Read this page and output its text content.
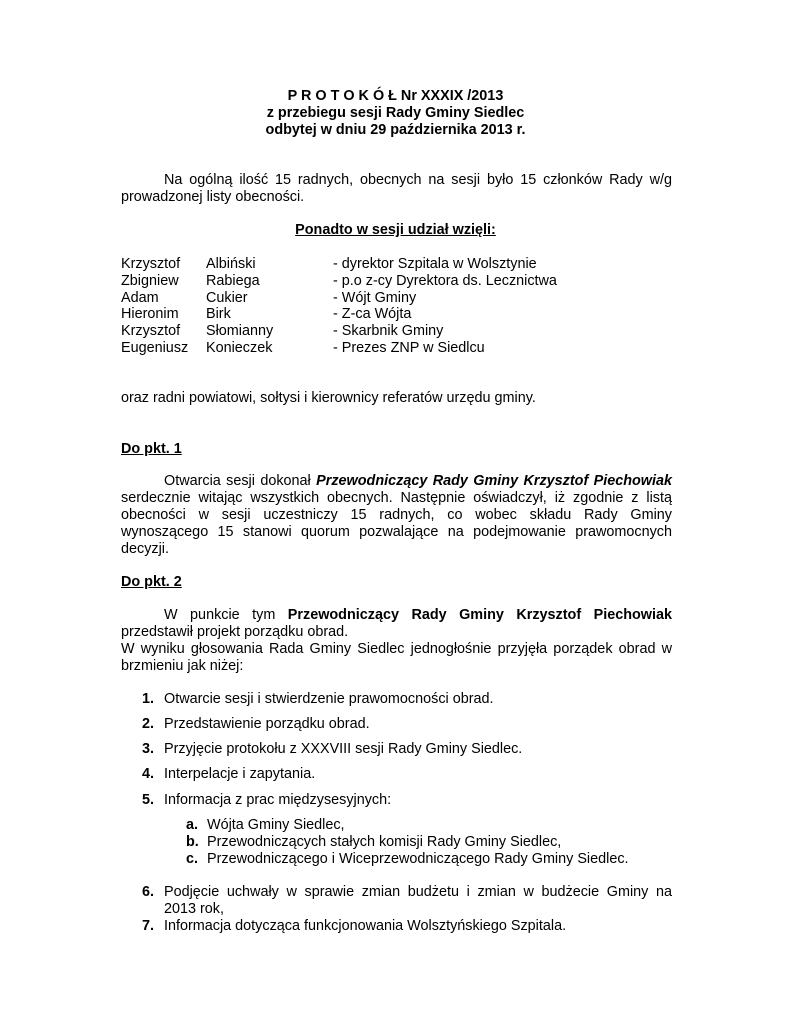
P R O T O K Ó Ł Nr XXXIX /2013
z przebiegu sesji Rady Gminy Siedlec
odbytej w dniu 29 października 2013 r.
Na ogólną ilość 15 radnych, obecnych na sesji było 15 członków Rady w/g
prowadzonej listy obecności.
Ponadto w sesji udział wzięli:
Krzysztof Albiński	- dyrektor Szpitala w Wolsztynie
Zbigniew Rabiega	- p.o z-cy Dyrektora ds. Lecznictwa
Adam	Cukier	- Wójt Gminy
Hieronim Birk	- Z-ca Wójta
Krzysztof Słomianny	- Skarbnik Gminy
Eugeniusz Konieczek	- Prezes ZNP w Siedlcu
oraz radni powiatowi, sołtysi i kierownicy referatów urzędu gminy.
Do pkt. 1
Otwarcia sesji dokonał Przewodniczący Rady Gminy Krzysztof Piechowiak
serdecznie witając wszystkich obecnych. Następnie oświadczył, iż zgodnie z listą
obecności w sesji uczestniczy 15 radnych, co wobec składu Rady Gminy
wynoszącego 15 stanowi quorum pozwalające na podejmowanie prawomocnych
decyzji.
Do pkt. 2
W punkcie tym Przewodniczący Rady Gminy Krzysztof Piechowiak
przedstawił projekt porządku obrad.
W wyniku głosowania Rada Gminy Siedlec jednogłośnie przyjęła porządek obrad w
brzmieniu jak niżej:
1. Otwarcie sesji i stwierdzenie prawomocności obrad.
2. Przedstawienie porządku obrad.
3. Przyjęcie protokołu z XXXVIII sesji Rady Gminy Siedlec.
4. Interpelacje i zapytania.
5. Informacja z prac międzysesyjnych:
a. Wójta Gminy Siedlec,
b. Przewodniczących stałych komisji Rady Gminy Siedlec,
c. Przewodniczącego i Wiceprzewodniczącego Rady Gminy Siedlec.
6. Podjęcie uchwały w sprawie zmian budżetu i zmian w budżecie Gminy na
2013 rok,
7. Informacja dotycząca funkcjonowania Wolsztyńskiego Szpitala.
